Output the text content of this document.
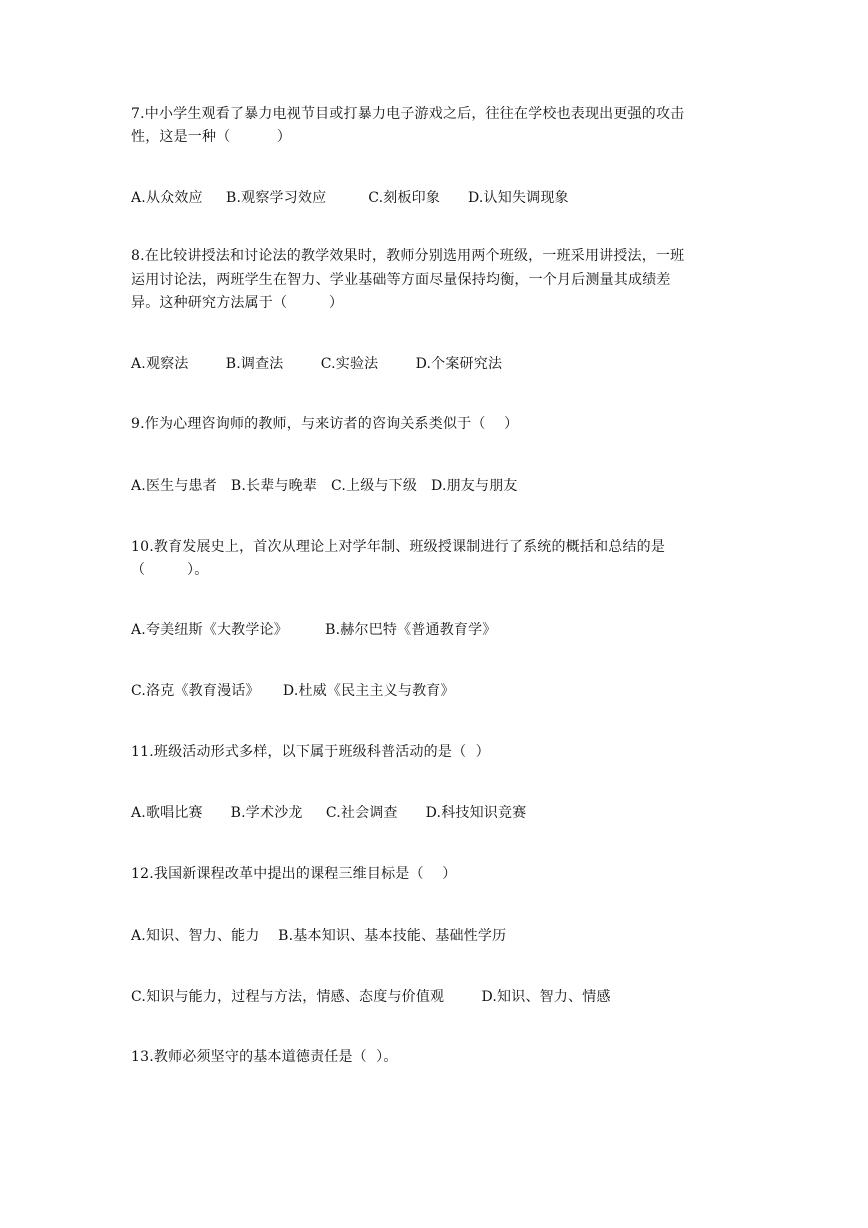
7.中小学生观看了暴力电视节目或打暴力电子游戏之后，往往在学校也表现出更强的攻击
性，这是一种（          ）
A.从众效应     B.观察学习效应         C.刻板印象      D.认知失调现象
8.在比较讲授法和讨论法的教学效果时，教师分别选用两个班级，一班采用讲授法，一班
运用讨论法，两班学生在智力、学业基础等方面尽量保持均衡，一个月后测量其成绩差
异。这种研究方法属于（         ）
A.观察法        B.调查法        C.实验法        D.个案研究法
9.作为心理咨询师的教师，与来访者的咨询关系类似于（    ）
A.医生与患者   B.长辈与晚辈   C.上级与下级   D.朋友与朋友
10.教育发展史上，首次从理论上对学年制、班级授课制进行了系统的概括和总结的是
（         ）。
A.夸美纽斯《大教学论》        B.赫尔巴特《普通教育学》
C.洛克《教育漫话》     D.杜威《民主主义与教育》
11.班级活动形式多样，以下属于班级科普活动的是（  ）
A.歌唱比赛      B.学术沙龙     C.社会调查      D.科技知识竞赛
12.我国新课程改革中提出的课程三维目标是（    ）
A.知识、智力、能力    B.基本知识、基本技能、基础性学历
C.知识与能力，过程与方法，情感、态度与价值观        D.知识、智力、情感
13.教师必须坚守的基本道德责任是（  ）。
